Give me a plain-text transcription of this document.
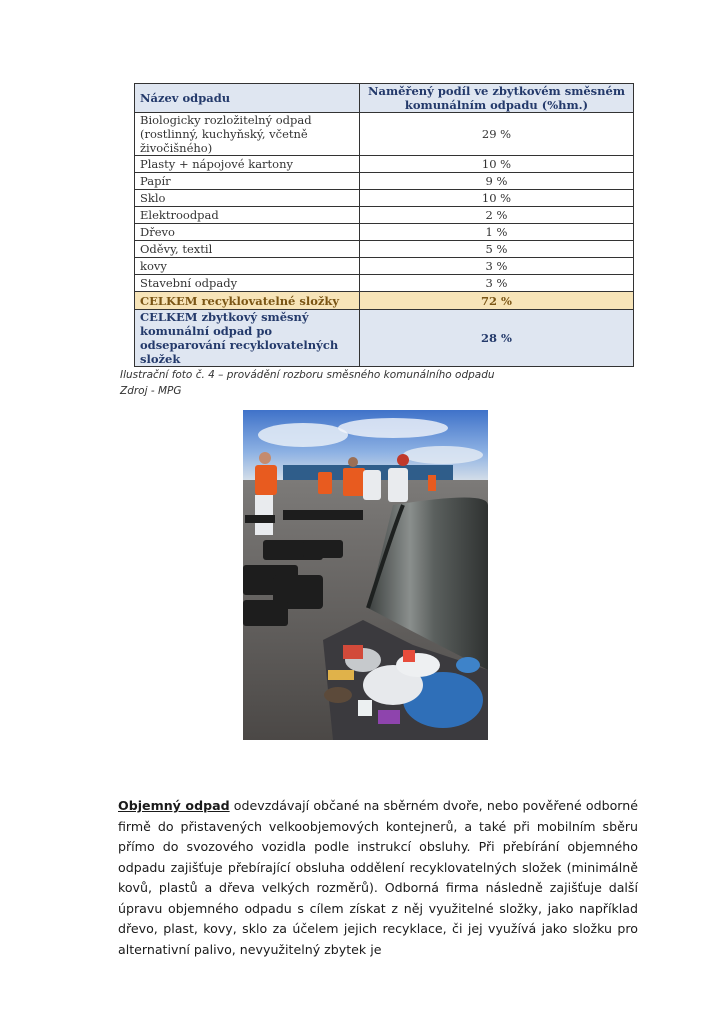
Název odpadu	Naměřený podíl ve zbytkovém směsném komunálním odpadu (%hm.)
Biologicky rozložitelný odpad (rostlinný, kuchyňský, včetně živočišného)	29 %
Plasty + nápojové kartony	10 %
Papír	9 %
Sklo	10 %
Elektroodpad	2 %
Dřevo	1 %
Oděvy, textil	5 %
kovy	3 %
Stavební odpady	3 %
CELKEM recyklovatelné složky	72 %
CELKEM zbytkový směsný komunální odpad po odseparování recyklovatelných složek	28 %
Ilustrační foto č. 4 – provádění rozboru směsného komunálního odpadu
Zdroj - MPG

Objemný odpad odevzdávají občané na sběrném dvoře, nebo pověřené odborné firmě do přistavených velkoobjemových kontejnerů, a také při mobilním sběru přímo do svozového vozidla podle instrukcí obsluhy. Při přebírání objemného odpadu zajišťuje přebírající obsluha oddělení recyklovatelných složek (minimálně kovů, plastů a dřeva velkých rozměrů). Odborná firma následně zajišťuje další úpravu objemného odpadu s cílem získat z něj využitelné složky, jako například dřevo, plast, kovy, sklo za účelem jejich recyklace, či jej využívá jako složku pro alternativní palivo, nevyužitelný zbytek je
